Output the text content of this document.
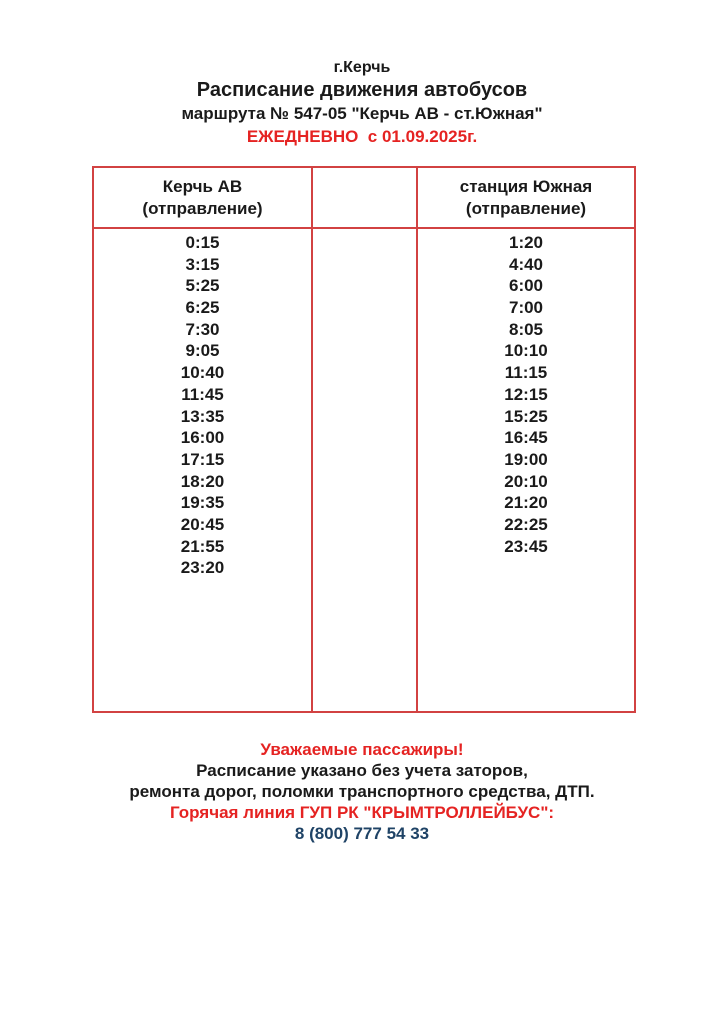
г.Керчь
Расписание движения автобусов
маршрута № 547-05 "Керчь АВ - ст.Южная"
ЕЖЕДНЕВНО  с 01.09.2025г.
Керчь АВ
(отправление)
станция Южная
(отправление)
0:15
3:15
5:25
6:25
7:30
9:05
10:40
11:45
13:35
16:00
17:15
18:20
19:35
20:45
21:55
23:20
1:20
4:40
6:00
7:00
8:05
10:10
11:15
12:15
15:25
16:45
19:00
20:10
21:20
22:25
23:45
Уважаемые пассажиры!
Расписание указано без учета заторов,
ремонта дорог, поломки транспортного средства, ДТП.
Горячая линия ГУП РК "КРЫМТРОЛЛЕЙБУС":
8 (800) 777 54 33
